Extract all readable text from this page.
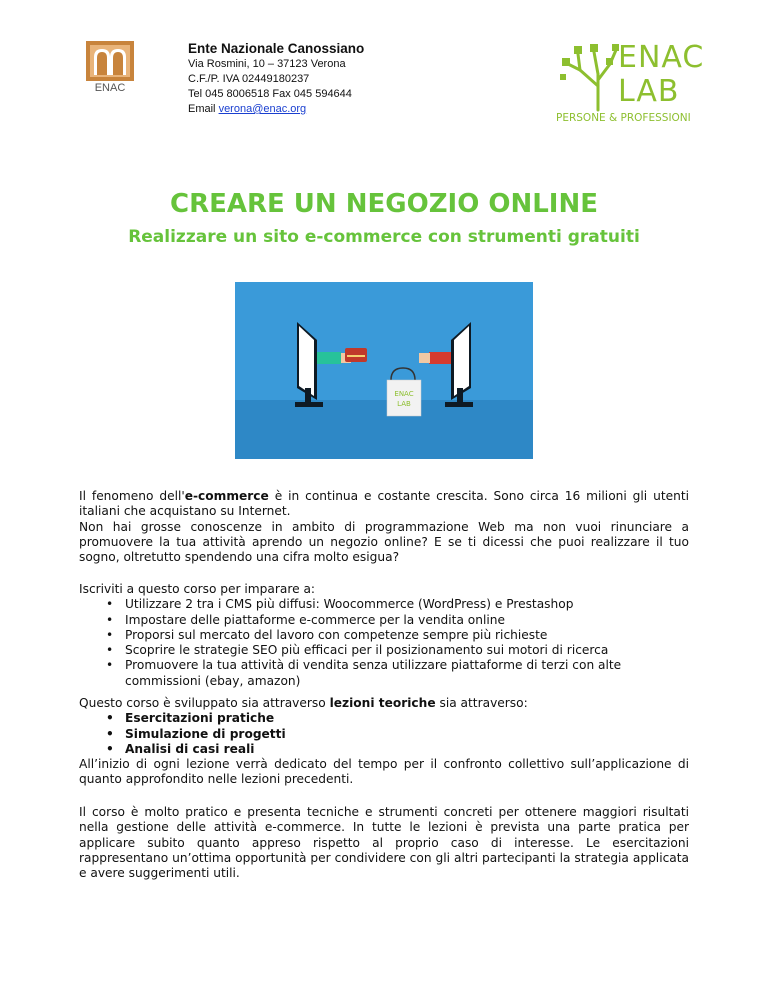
ENAC
Ente Nazionale Canossiano
Via Rosmini, 10 – 37123 Verona
C.F./P. IVA 02449180237
Tel 045 8006518 Fax 045 594644
Email verona@enac.org
ENAC
LAB
PERSONE & PROFESSIONI
CREARE UN NEGOZIO ONLINE
Realizzare un sito e-commerce con strumenti gratuiti
ENAC
LAB

Il fenomeno dell'e-commerce è in continua e costante crescita. Sono circa 16 milioni gli utenti italiani che acquistano su Internet.

Non hai grosse conoscenze in ambito di programmazione Web ma non vuoi rinunciare a promuovere la tua attività aprendo un negozio online? E se ti dicessi che puoi realizzare il tuo sogno, oltretutto spendendo una cifra molto esigua?

Iscriviti a questo corso per imparare a:

• Utilizzare 2 tra i CMS più diffusi: Woocommerce (WordPress) e Prestashop
• Impostare delle piattaforme e-commerce per la vendita online
• Proporsi sul mercato del lavoro con competenze sempre più richieste
• Scoprire le strategie SEO più efficaci per il posizionamento sui motori di ricerca
• Promuovere la tua attività di vendita senza utilizzare piattaforme di terzi con alte commissioni (ebay, amazon)

Questo corso è sviluppato sia attraverso lezioni teoriche sia attraverso:

• Esercitazioni pratiche
• Simulazione di progetti
• Analisi di casi reali

All’inizio di ogni lezione verrà dedicato del tempo per il confronto collettivo sull’applicazione di quanto approfondito nelle lezioni precedenti.

Il corso è molto pratico e presenta tecniche e strumenti concreti per ottenere maggiori risultati nella gestione delle attività e-commerce. In tutte le lezioni è prevista una parte pratica per applicare subito quanto appreso rispetto al proprio caso di interesse. Le esercitazioni rappresentano un’ottima opportunità per condividere con gli altri partecipanti la strategia applicata e avere suggerimenti utili.
